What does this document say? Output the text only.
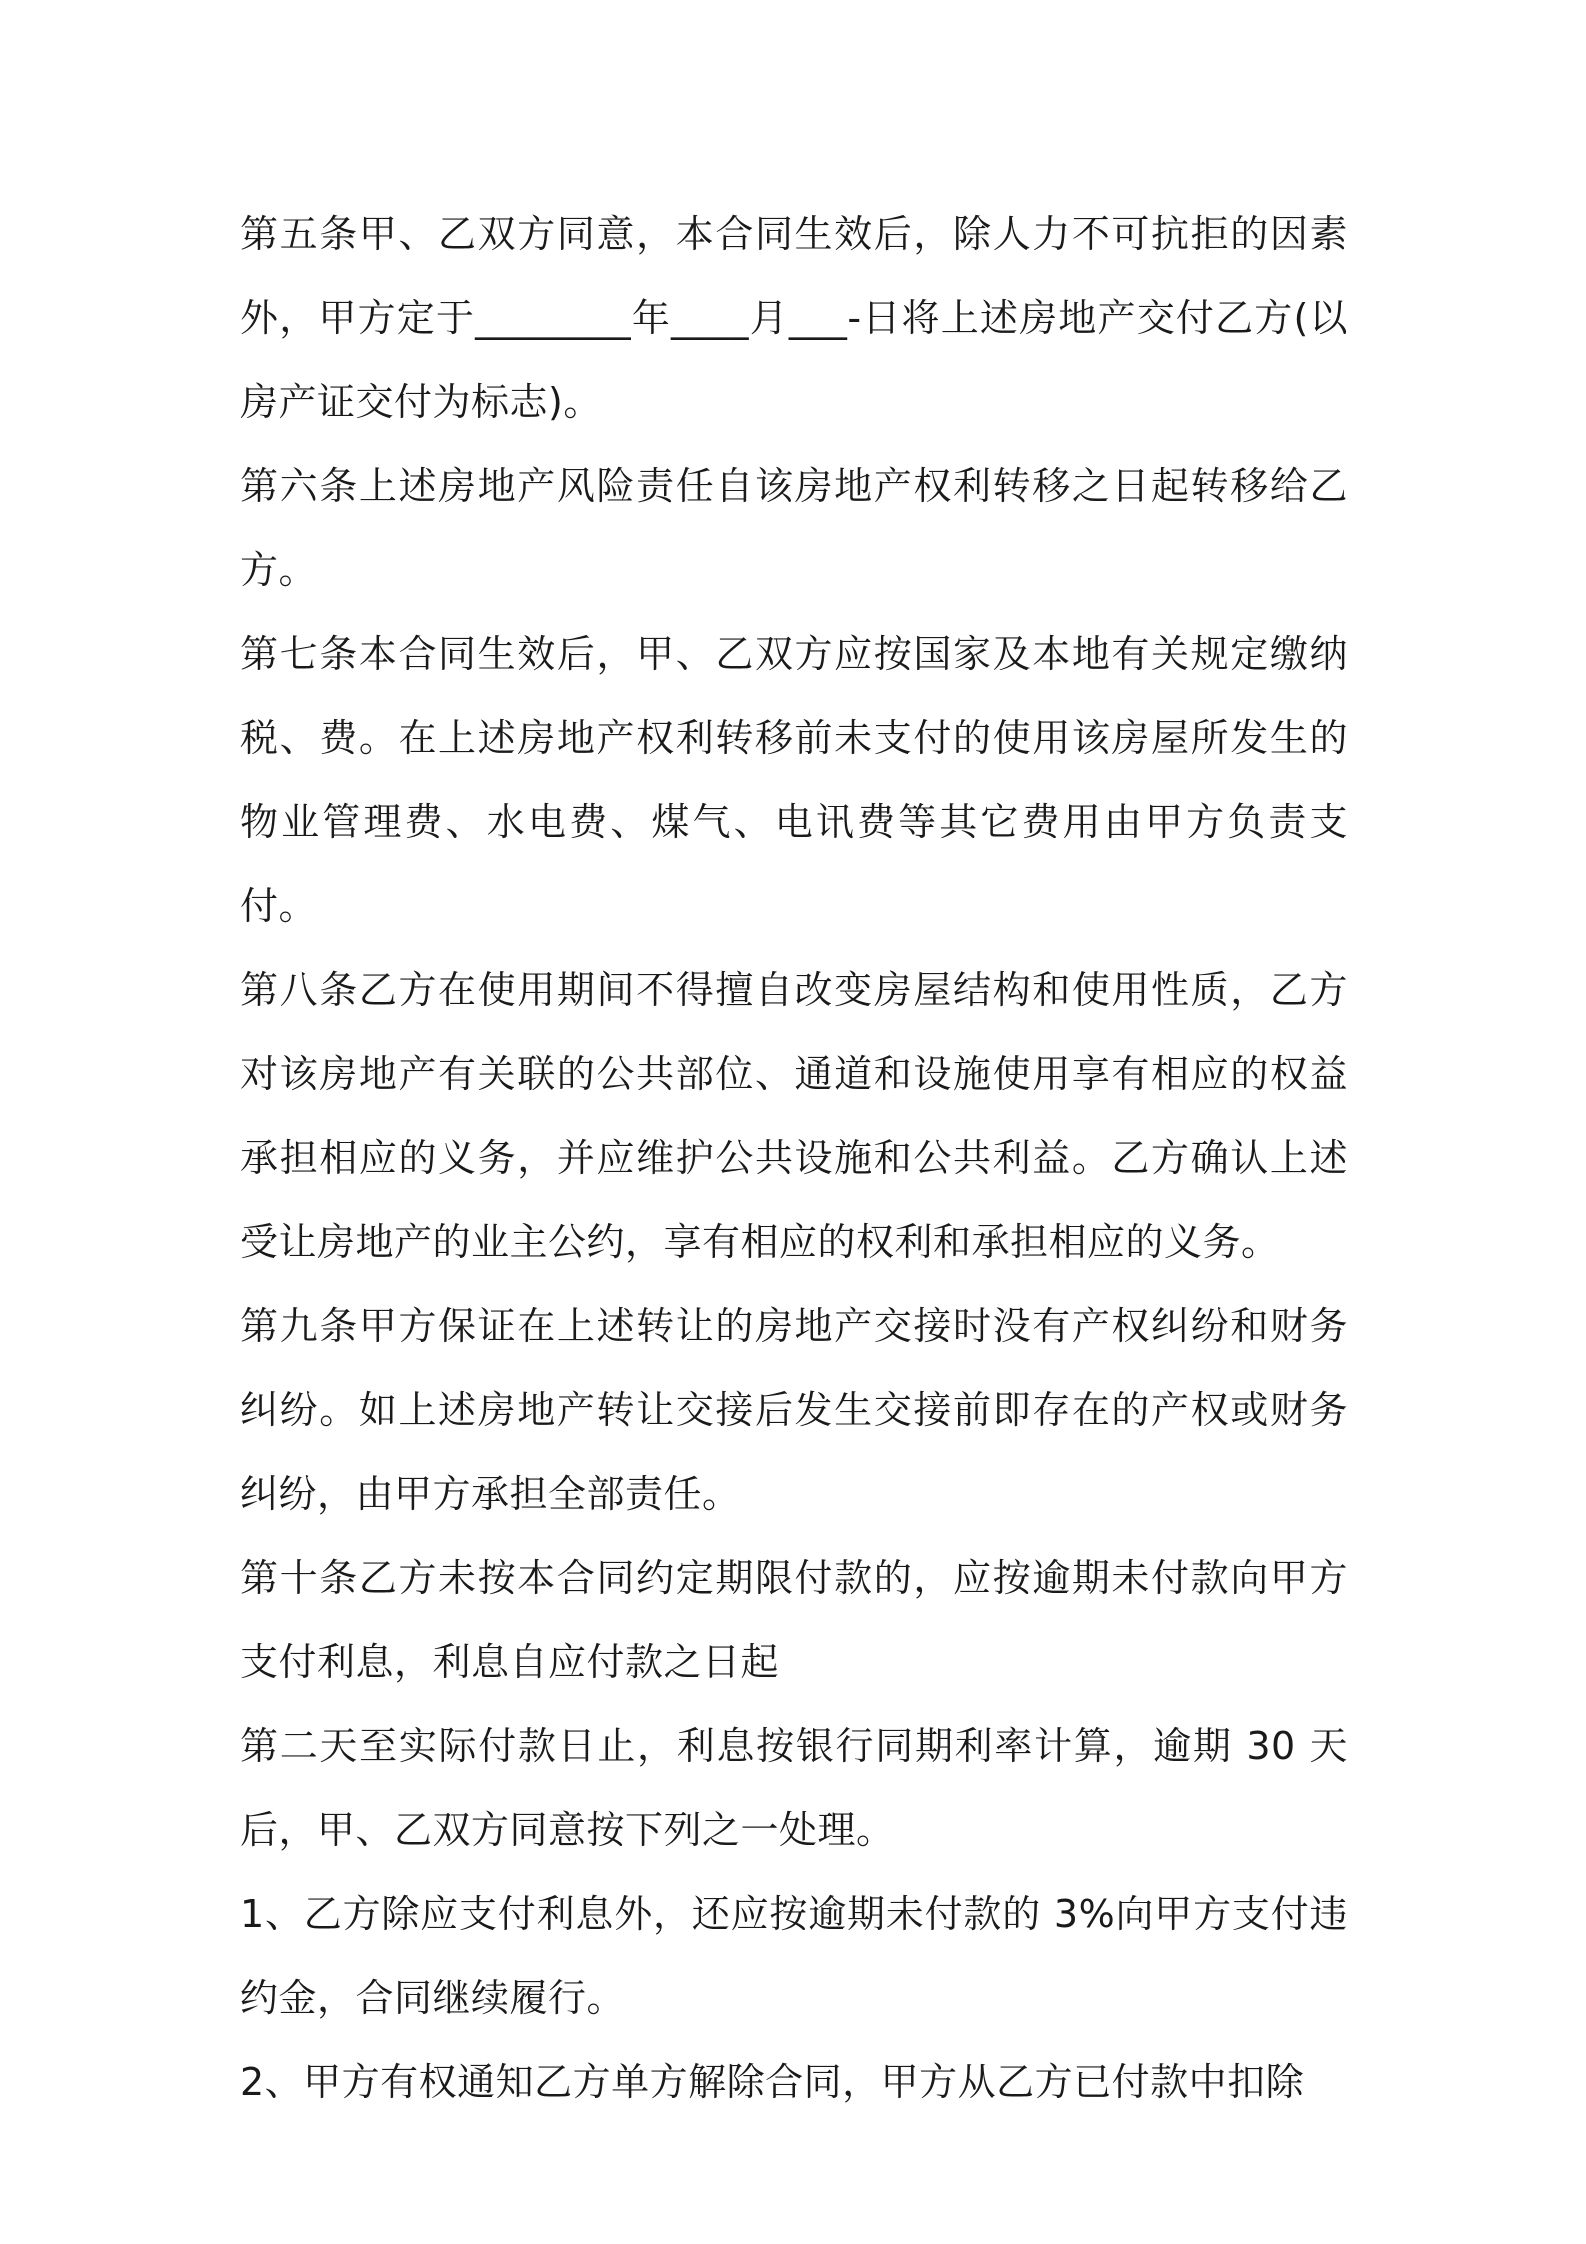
第五条甲、乙双方同意，本合同生效后，除人力不可抗拒的因素外，甲方定于________年____月___-日将上述房地产交付乙方(以房产证交付为标志)。

第六条上述房地产风险责任自该房地产权利转移之日起转移给乙方。

第七条本合同生效后，甲、乙双方应按国家及本地有关规定缴纳税、费。在上述房地产权利转移前未支付的使用该房屋所发生的物业管理费、水电费、煤气、电讯费等其它费用由甲方负责支付。

第八条乙方在使用期间不得擅自改变房屋结构和使用性质，乙方对该房地产有关联的公共部位、通道和设施使用享有相应的权益承担相应的义务，并应维护公共设施和公共利益。乙方确认上述受让房地产的业主公约，享有相应的权利和承担相应的义务。

第九条甲方保证在上述转让的房地产交接时没有产权纠纷和财务纠纷。如上述房地产转让交接后发生交接前即存在的产权或财务纠纷，由甲方承担全部责任。

第十条乙方未按本合同约定期限付款的，应按逾期未付款向甲方支付利息，利息自应付款之日起

第二天至实际付款日止，利息按银行同期利率计算，逾期 30 天后，甲、乙双方同意按下列之一处理。

1、乙方除应支付利息外，还应按逾期未付款的 3%向甲方支付违约金，合同继续履行。

2、甲方有权通知乙方单方解除合同，甲方从乙方已付款中扣除
